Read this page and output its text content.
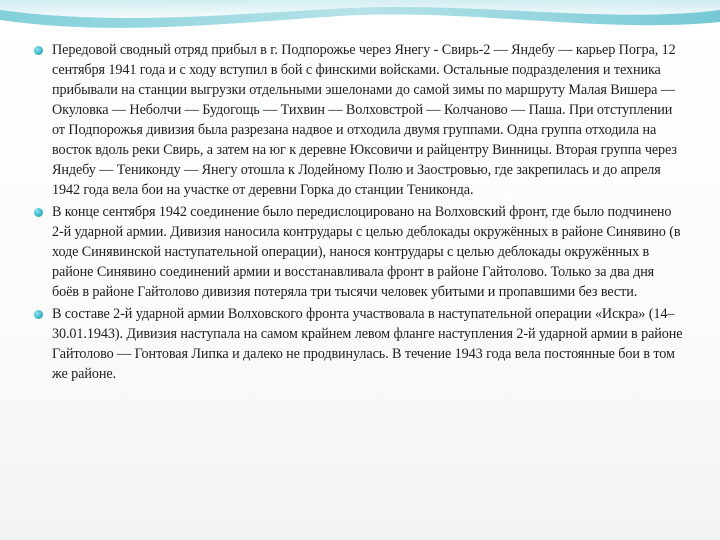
Передовой сводный отряд прибыл в г. Подпорожье через Янегу - Свирь-2 — Яндебу — карьер Погра, 12 сентября 1941 года и с ходу вступил в бой с финскими войсками. Остальные подразделения и техника прибывали на станции выгрузки отдельными эшелонами до самой зимы по маршруту Малая Вишера — Окуловка — Неболчи — Будогощь — Тихвин — Волховстрой — Колчаново — Паша. При отступлении от Подпорожья дивизия была разрезана надвое и отходила двумя группами. Одна группа отходила на восток вдоль реки Свирь, а затем на юг к деревне Юксовичи и райцентру Винницы. Вторая группа через Яндебу — Тениконду — Янегу отошла к Лодейному Полю и Заостровью, где закрепилась и до апреля 1942 года вела бои на участке от деревни Горка до станции Тениконда.

В конце сентября 1942 соединение было передислоцировано на Волховский фронт, где было подчинено 2-й ударной армии. Дивизия наносила контрудары с целью деблокады окружённых в районе Синявино (в ходе Синявинской наступательной операции), нанося контрудары с целью деблокады окружённых в районе Синявино соединений армии и восстанавливала фронт в районе Гайтолово. Только за два дня боёв в районе Гайтолово дивизия потеряла три тысячи человек убитыми и пропавшими без вести.

В составе 2-й ударной армии Волховского фронта участвовала в наступательной операции «Искра» (14–30.01.1943). Дивизия наступала на самом крайнем левом фланге наступления 2-й ударной армии в районе Гайтолово — Гонтовая Липка и далеко не продвинулась. В течение 1943 года вела постоянные бои в том же районе.
